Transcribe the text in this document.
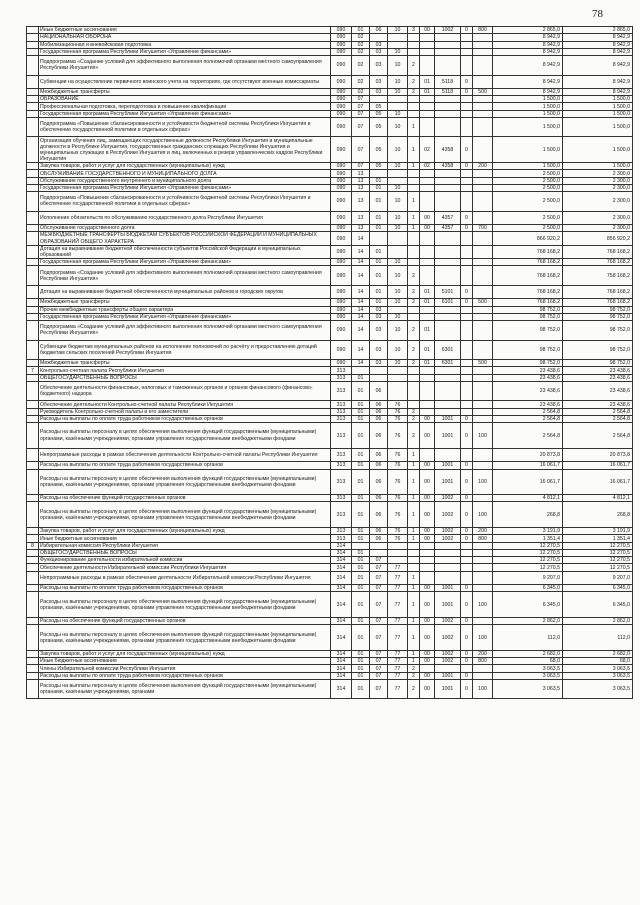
78
	Иные бюджетные ассигнования	090	01	06	10	3	00	1002	0	800	2 865,0	2 865,0
	НАЦИОНАЛЬНАЯ ОБОРОНА	090	02								8 942,9	8 942,9
	Мобилизационная и вневойсковая подготовка	090	02	03							8 942,9	8 942,9
	Государственная программа Республики Ингушетия «Управление финансами»	090	02	03	10						8 942,9	8 942,9
	Подпрограмма «Создание условий для эффективного выполнения полномочий органами местного самоуправления Республики Ингушетия»	090	02	03	10	2					8 942,9	8 942,9
	Субвенции на осуществление первичного воинского учета на территориях, где отсутствуют военные комиссариаты	090	02	03	10	2	01	5118	0		8 942,9	8 942,9
	Межбюджетные трансферты	090	02	03	10	2	01	5118	0	500	8 942,9	8 942,9
	ОБРАЗОВАНИЕ	090	07								1 500,0	1 500,0
	Профессиональная подготовка, переподготовка и повышение квалификации	090	07	05							1 500,0	1 500,0
	Государственная программа Республики Ингушетия «Управление финансами»	090	07	05	10						1 500,0	1 500,0
	Подпрограмма «Повышение сбалансированности и устойчивости бюджетной системы Республики Ингушетия и обеспечение государственной политики в отдельных сферах»	090	07	05	10	1					1 500,0	1 500,0
	Организация обучения лиц, замещающих государственные должности Республики Ингушетия и муниципальные должности в Республике Ингушетия, государственных гражданских служащих Республики Ингушетия и муниципальных служащих в Республике Ингушетия и лиц, включенных в резерв управленческих кадров Республики Ингушетия	090	07	05	10	1	02	4358	0		1 500,0	1 500,0
	Закупка товаров, работ и услуг для государственных (муниципальных) нужд	090	07	05	10	1	02	4358	0	200	1 500,0	1 500,0
	ОБСЛУЖИВАНИЕ ГОСУДАРСТВЕННОГО И МУНИЦИПАЛЬНОГО ДОЛГА	090	13								2 500,0	2 300,0
	Обслуживание государственного внутреннего и муниципального долга	090	13	01							2 500,0	2 300,0
	Государственная программа Республики Ингушетия «Управление финансами»	090	13	01	10						2 500,0	2 300,0
	Подпрограмма «Повышение сбалансированности и устойчивости бюджетной системы Республики Ингушетия и обеспечение государственной политики в отдельных сферах»	090	13	01	10	1					2 500,0	2 300,0
	Исполнение обязательств по обслуживанию государственного долга Республики Ингушетия	090	13	01	10	1	00	4357	0		2 500,0	2 300,0
	Обслуживание государственного долга	090	13	01	10	1	00	4357	0	700	2 500,0	2 300,0
	МЕЖБЮДЖЕТНЫЕ ТРАНСФЕРТЫ БЮДЖЕТАМ СУБЪЕКТОВ РОССИЙСКОЙ ФЕДЕРАЦИИ И МУНИЦИПАЛЬНЫХ ОБРАЗОВАНИЙ ОБЩЕГО ХАРАКТЕРА	090	14								866 920,2	856 920,2
	Дотация на выравнивание бюджетной обеспеченности субъектов Российской Федерации и муниципальных образований	090	14	01							768 168,2	768 168,2
	Государственная программа Республики Ингушетия «Управление финансами»	090	14	01	10						768 168,2	768 168,2
	Подпрограмма «Создание условий для эффективного выполнения полномочий органами местного самоуправления Республики Ингушетия»	090	14	01	10	2					768 168,2	758 168,2
	Дотация на выравнивание бюджетной обеспеченности муниципальных районов и городских округов	090	14	01	10	2	01	5101	0		768 168,2	768 168,2
	Межбюджетные трансферты	090	14	01	10	2	01	6101	0	500	768 168,2	768 168,2
	Прочие межбюджетные трансферты общего характера	090	14	03							98 752,0	98 752,0
	Государственная программа Республики Ингушетия «Управление финансами»	090	14	03	10						98 752,0	98 752,0
	Подпрограмма «Создание условий для эффективного выполнения полномочий органами местного самоуправления Республики Ингушетия»	090	14	03	10	2	01				98 752,0	98 752,0
	Субвенции бюджетам муниципальных районов на исполнение полномочий по расчёту и предоставлению дотаций бюджетам сельских поселений Республики Ингушетия	090	14	03	10	2	01	6301			98 752,0	98 752,0
	Межбюджетные трансферты	090	14	03	10	2	01	6301		500	98 752,0	98 752,0
7	Контрольно-счетная палата Республики Ингушетия	313									23 438,6	23 438,6
	ОБЩЕГОСУДАРСТВЕННЫЕ ВОПРОСЫ	313	01								23 438,6	23 438,6
	Обеспечение деятельности финансовых, налоговых и таможенных органов и органов финансового (финансово-бюджетного) надзора	313	01	06							23 438,6	23 438,6
	Обеспечение деятельности Контрольно-счетной палаты Республики Ингушетия	313	01	06	76						23 438,6	23 438,6
	Руководитель Контрольно-счетной палаты и его заместители	313	01	06	76	2					2 564,8	2 564,8
	Расходы на выплаты по оплате труда работников государственных органов	313	01	06	76	2	00	1001	0		2 564,8	2 564,8
	Расходы на выплаты персоналу в целях обеспечения выполнения функций государственными (муниципальными) органами, казёнными учреждениями, органами управления государственными внебюджетными фондами	313	01	06	76	2	00	1001	0	100	2 564,8	2 564,8
	Непрограммные расходы в рамках обеспечения деятельности Контрольно-счетной палаты Республики Ингушетия	313	01	06	76	1					20 873,8	20 873,8
	Расходы на выплаты по оплате труда работников государственных органов	313	01	06	76	1	00	1001	0		16 061,7	16 061,7
	Расходы на выплаты персоналу в целях обеспечения выполнения функций государственными (муниципальными) органами, казёнными учреждениями, органами управления государственными внебюджетными фондами	313	01	06	76	1	00	1001	0	100	16 061,7	16 061,7
	Расходы на обеспечение функций государственных органов	313	01	06	76	1	00	1002	0		4 812,1	4 812,1
	Расходы на выплаты персоналу в целях обеспечения выполнения функций государственными (муниципальными) органами, казёнными учреждениями, органами управления государственными внебюджетными фондами	313	01	06	76	1	00	1002	0	100	268,8	268,8
	Закупка товаров, работ и услуг для государственных (муниципальных) нужд	313	01	06	76	1	00	1002	0	200	3 191,9	3 191,9
	Иные бюджетные ассигнования	313	01	06	76	1	00	1002	0	800	1 351,4	1 351,4
8	Избирательная комиссия Республики Ингушетия	314									12 270,5	12 270,5
	ОБЩЕГОСУДАРСТВЕННЫЕ ВОПРОСЫ	314	01								12 270,5	12 270,5
	Функционирование деятельности избирательной комиссии	314	01	07							12 270,5	12 270,5
	Обеспечение деятельности Избирательной комиссии Республики Ингушетия	314	01	07	77						12 270,5	12 270,5
	Непрограммные расходы в рамках обеспечения деятельности Избирательной комиссии Республики Ингушетия	314	01	07	77	1					9 207,0	9 207,0
	Расходы на выплаты по оплате труда работников государственных органов	314	01	07	77	1	00	1001	0		6 345,0	6 345,0
	Расходы на выплаты персоналу в целях обеспечения выполнения функций государственными (муниципальными) органами, казёнными учреждениями, органами управления государственными внебюджетными фондами	314	01	07	77	1	00	1001	0	100	6 345,0	6 345,0
	Расходы на обеспечение функций государственных органов	314	01	07	77	1	00	1002	0		2 862,0	2 862,0
	Расходы на выплаты персоналу в целях обеспечения выполнения функций государственными (муниципальными) органами, казёнными учреждениями, органами управления государственными внебюджетными фондами	314	01	07	77	1	00	1002	0	100	112,0	112,0
	Закупка товаров, работ и услуг для государственных (муниципальных) нужд	314	01	07	77	1	00	1002	0	200	2 682,0	2 682,0
	Иные бюджетные ассигнования	314	01	07	77	1	00	1002	0	800	68,0	68,0
	Члены Избирательной комиссии Республики Ингушетия	314	01	07	77	2					3 063,5	3 063,5
	Расходы на выплаты по оплате труда работников государственных органов	314	01	07	77	2	00	1001	0		3 063,5	3 063,5
	Расходы на выплаты персоналу в целях обеспечения выполнения функций государственными (муниципальными) органами, казёнными учреждениями, органами	314	01	07	77	2	00	1001	0	100	3 063,5	3 063,5
